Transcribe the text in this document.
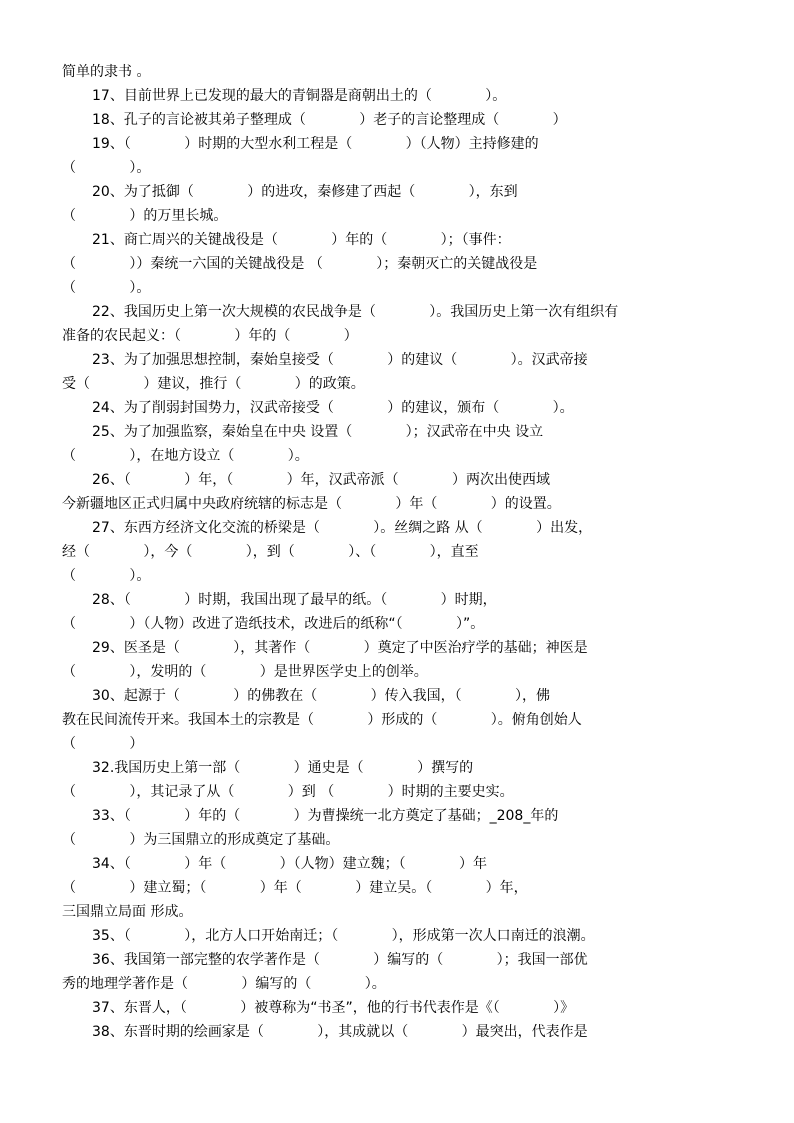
简单的隶书 。
17、目前世界上已发现的最大的青铜器是商朝出土的（            ）。
18、孔子的言论被其弟子整理成（            ）老子的言论整理成（            ）
19、（            ）时期的大型水利工程是（            ）（人物）主持修建的
（            ）。
20、为了抵御（            ）的进攻，秦修建了西起（            ），东到
（            ）的万里长城。
21、商亡周兴的关键战役是（            ）年的（            ）；（事件：
（            ））秦统一六国的关键战役是 （            ）；秦朝灭亡的关键战役是
（            ）。
22、我国历史上第一次大规模的农民战争是（            ）。我国历史上第一次有组织有
准备的农民起义：（            ）年的（            ）
23、为了加强思想控制，秦始皇接受（            ）的建议（            ）。汉武帝接
受（            ）建议，推行（            ）的政策。
24、为了削弱封国势力，汉武帝接受（            ）的建议，颁布（            ）。
25、为了加强监察，秦始皇在中央 设置（            ）；汉武帝在中央 设立
（            ），在地方设立（            ）。
26、（            ）年，（            ）年，汉武帝派（            ）两次出使西域
今新疆地区正式归属中央政府统辖的标志是（            ）年（            ）的设置。
27、东西方经济文化交流的桥梁是（            ）。丝绸之路 从（            ）出发，
经（            ），今（            ），到（            ）、（            ），直至
（            ）。
28、（            ）时期，我国出现了最早的纸。（            ）时期，
（            ）（人物）改进了造纸技术，改进后的纸称“（            ）”。
29、医圣是（            ），其著作（            ）奠定了中医治疗学的基础；神医是
（            ），发明的（            ）是世界医学史上的创举。
30、起源于（            ）的佛教在（            ）传入我国，（            ），佛
教在民间流传开来。我国本土的宗教是（            ）形成的（            ）。俯角创始人
（            ）
32.我国历史上第一部（            ）通史是（            ）撰写的
（            ），其记录了从（            ）到 （            ）时期的主要史实。
33、（            ）年的（            ）为曹操统一北方奠定了基础；_208_年的
（            ）为三国鼎立的形成奠定了基础。
34、（            ）年（            ）（人物）建立魏；（            ）年
（            ）建立蜀；（            ）年（            ）建立吴。（            ）年，
三国鼎立局面 形成。
35、（            ），北方人口开始南迁；（            ），形成第一次人口南迁的浪潮。
36、我国第一部完整的农学著作是（            ）编写的（            ）；我国一部优
秀的地理学著作是（            ）编写的（            ）。
37、东晋人，（            ）被尊称为“书圣”，他的行书代表作是《（            ）》
38、东晋时期的绘画家是（            ），其成就以（            ）最突出，代表作是
